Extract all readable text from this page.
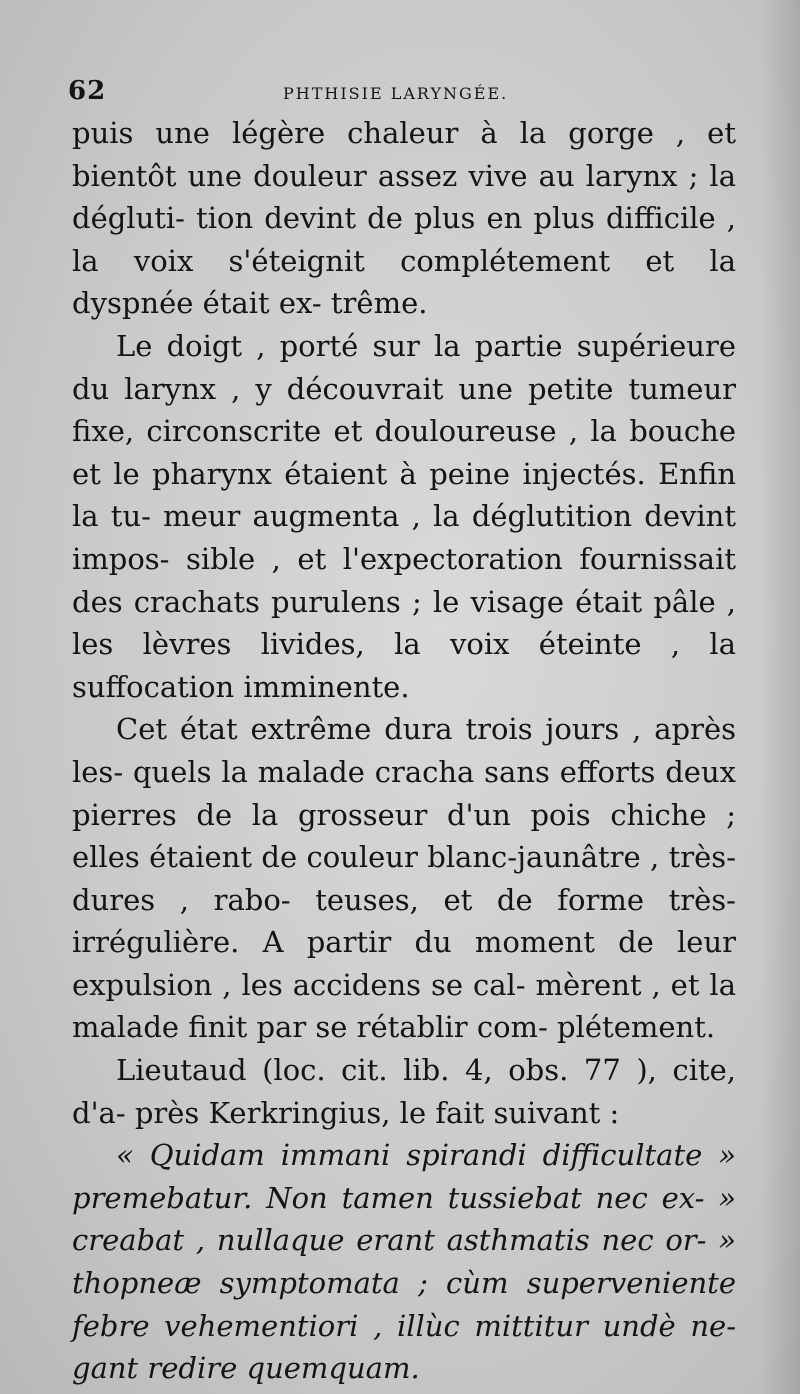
62	PHTHISIE LARYNGÉE.

puis une légère chaleur à la gorge , et bientôt une douleur assez vive au larynx ; la dégluti- tion devint de plus en plus difficile , la voix s'éteignit complétement et la dyspnée était ex- trême.

Le doigt , porté sur la partie supérieure du larynx , y découvrait une petite tumeur fixe, circonscrite et douloureuse , la bouche et le pharynx étaient à peine injectés. Enfin la tu- meur augmenta , la déglutition devint impos- sible , et l'expectoration fournissait des crachats purulens ; le visage était pâle , les lèvres livides, la voix éteinte , la suffocation imminente.

Cet état extrême dura trois jours , après les- quels la malade cracha sans efforts deux pierres de la grosseur d'un pois chiche ; elles étaient de couleur blanc-jaunâtre , très-dures , rabo- teuses, et de forme très-irrégulière. A partir du moment de leur expulsion , les accidens se cal- mèrent , et la malade finit par se rétablir com- plétement.

Lieutaud (loc. cit. lib. 4, obs. 77 ), cite, d'a- près Kerkringius, le fait suivant :

« Quidam immani spirandi difficultate » premebatur. Non tamen tussiebat nec ex- » creabat , nullaque erant asthmatis nec or- » thopneæ symptomata ; cùm superveniente febre vehementiori , illùc mittitur undè ne- gant redire quemquam.
